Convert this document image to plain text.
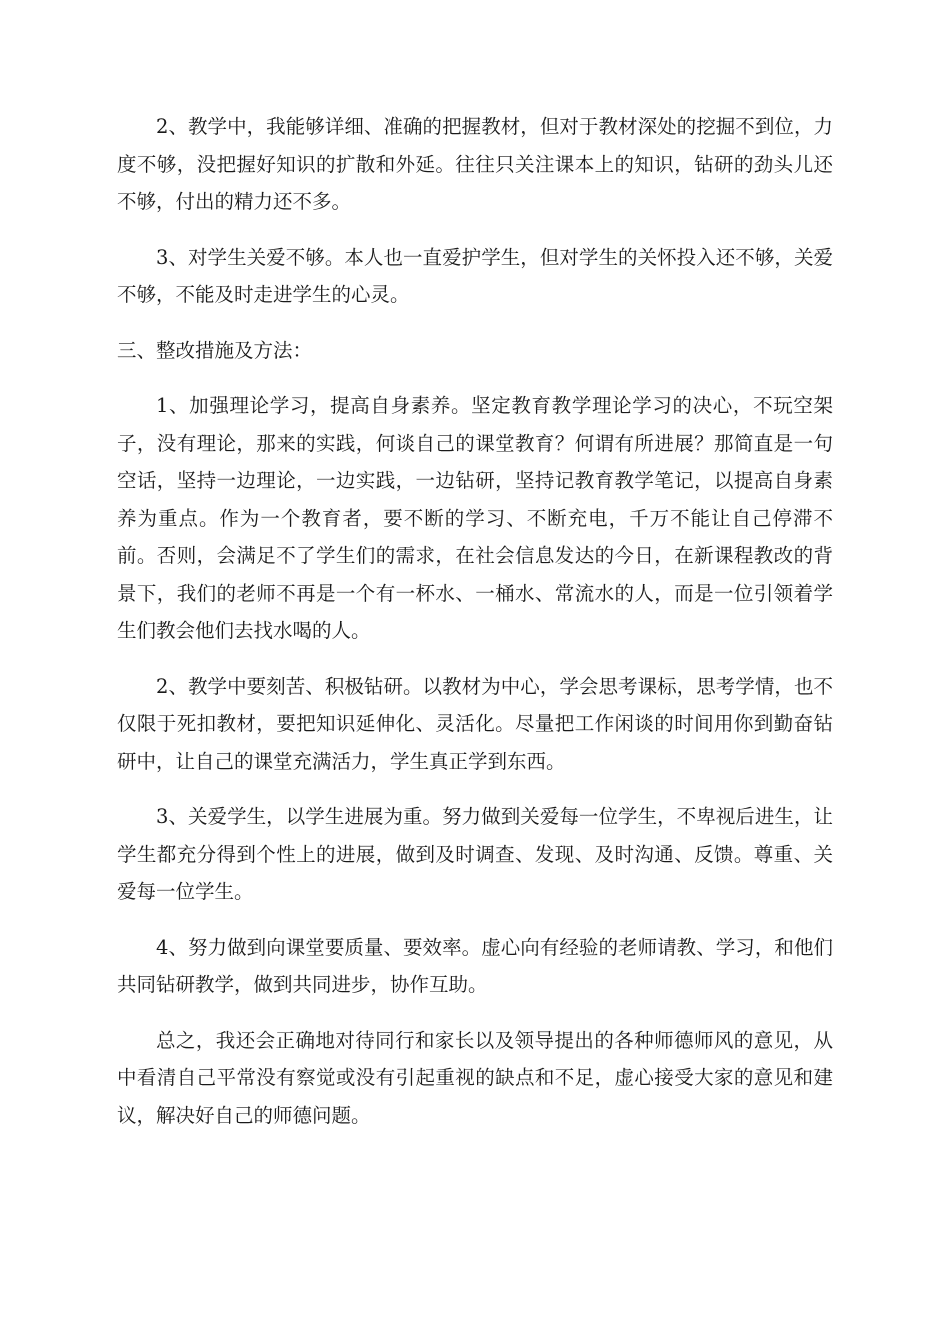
2、教学中，我能够详细、准确的把握教材，但对于教材深处的挖掘不到位，力度不够，没把握好知识的扩散和外延。往往只关注课本上的知识，钻研的劲头儿还不够，付出的精力还不多。

3、对学生关爱不够。本人也一直爱护学生，但对学生的关怀投入还不够，关爱不够，不能及时走进学生的心灵。

三、整改措施及方法：

1、加强理论学习，提高自身素养。坚定教育教学理论学习的决心，不玩空架子，没有理论，那来的实践，何谈自己的课堂教育？何谓有所进展？那简直是一句空话，坚持一边理论，一边实践，一边钻研，坚持记教育教学笔记，以提高自身素养为重点。作为一个教育者，要不断的学习、不断充电，千万不能让自己停滞不前。否则，会满足不了学生们的需求，在社会信息发达的今日，在新课程教改的背景下，我们的老师不再是一个有一杯水、一桶水、常流水的人，而是一位引领着学生们教会他们去找水喝的人。

2、教学中要刻苦、积极钻研。以教材为中心，学会思考课标，思考学情，也不仅限于死扣教材，要把知识延伸化、灵活化。尽量把工作闲谈的时间用你到勤奋钻研中，让自己的课堂充满活力，学生真正学到东西。

3、关爱学生，以学生进展为重。努力做到关爱每一位学生，不卑视后进生，让学生都充分得到个性上的进展，做到及时调查、发现、及时沟通、反馈。尊重、关爱每一位学生。

4、努力做到向课堂要质量、要效率。虚心向有经验的老师请教、学习，和他们共同钻研教学，做到共同进步，协作互助。

总之，我还会正确地对待同行和家长以及领导提出的各种师德师风的意见，从中看清自己平常没有察觉或没有引起重视的缺点和不足，虚心接受大家的意见和建议，解决好自己的师德问题。
